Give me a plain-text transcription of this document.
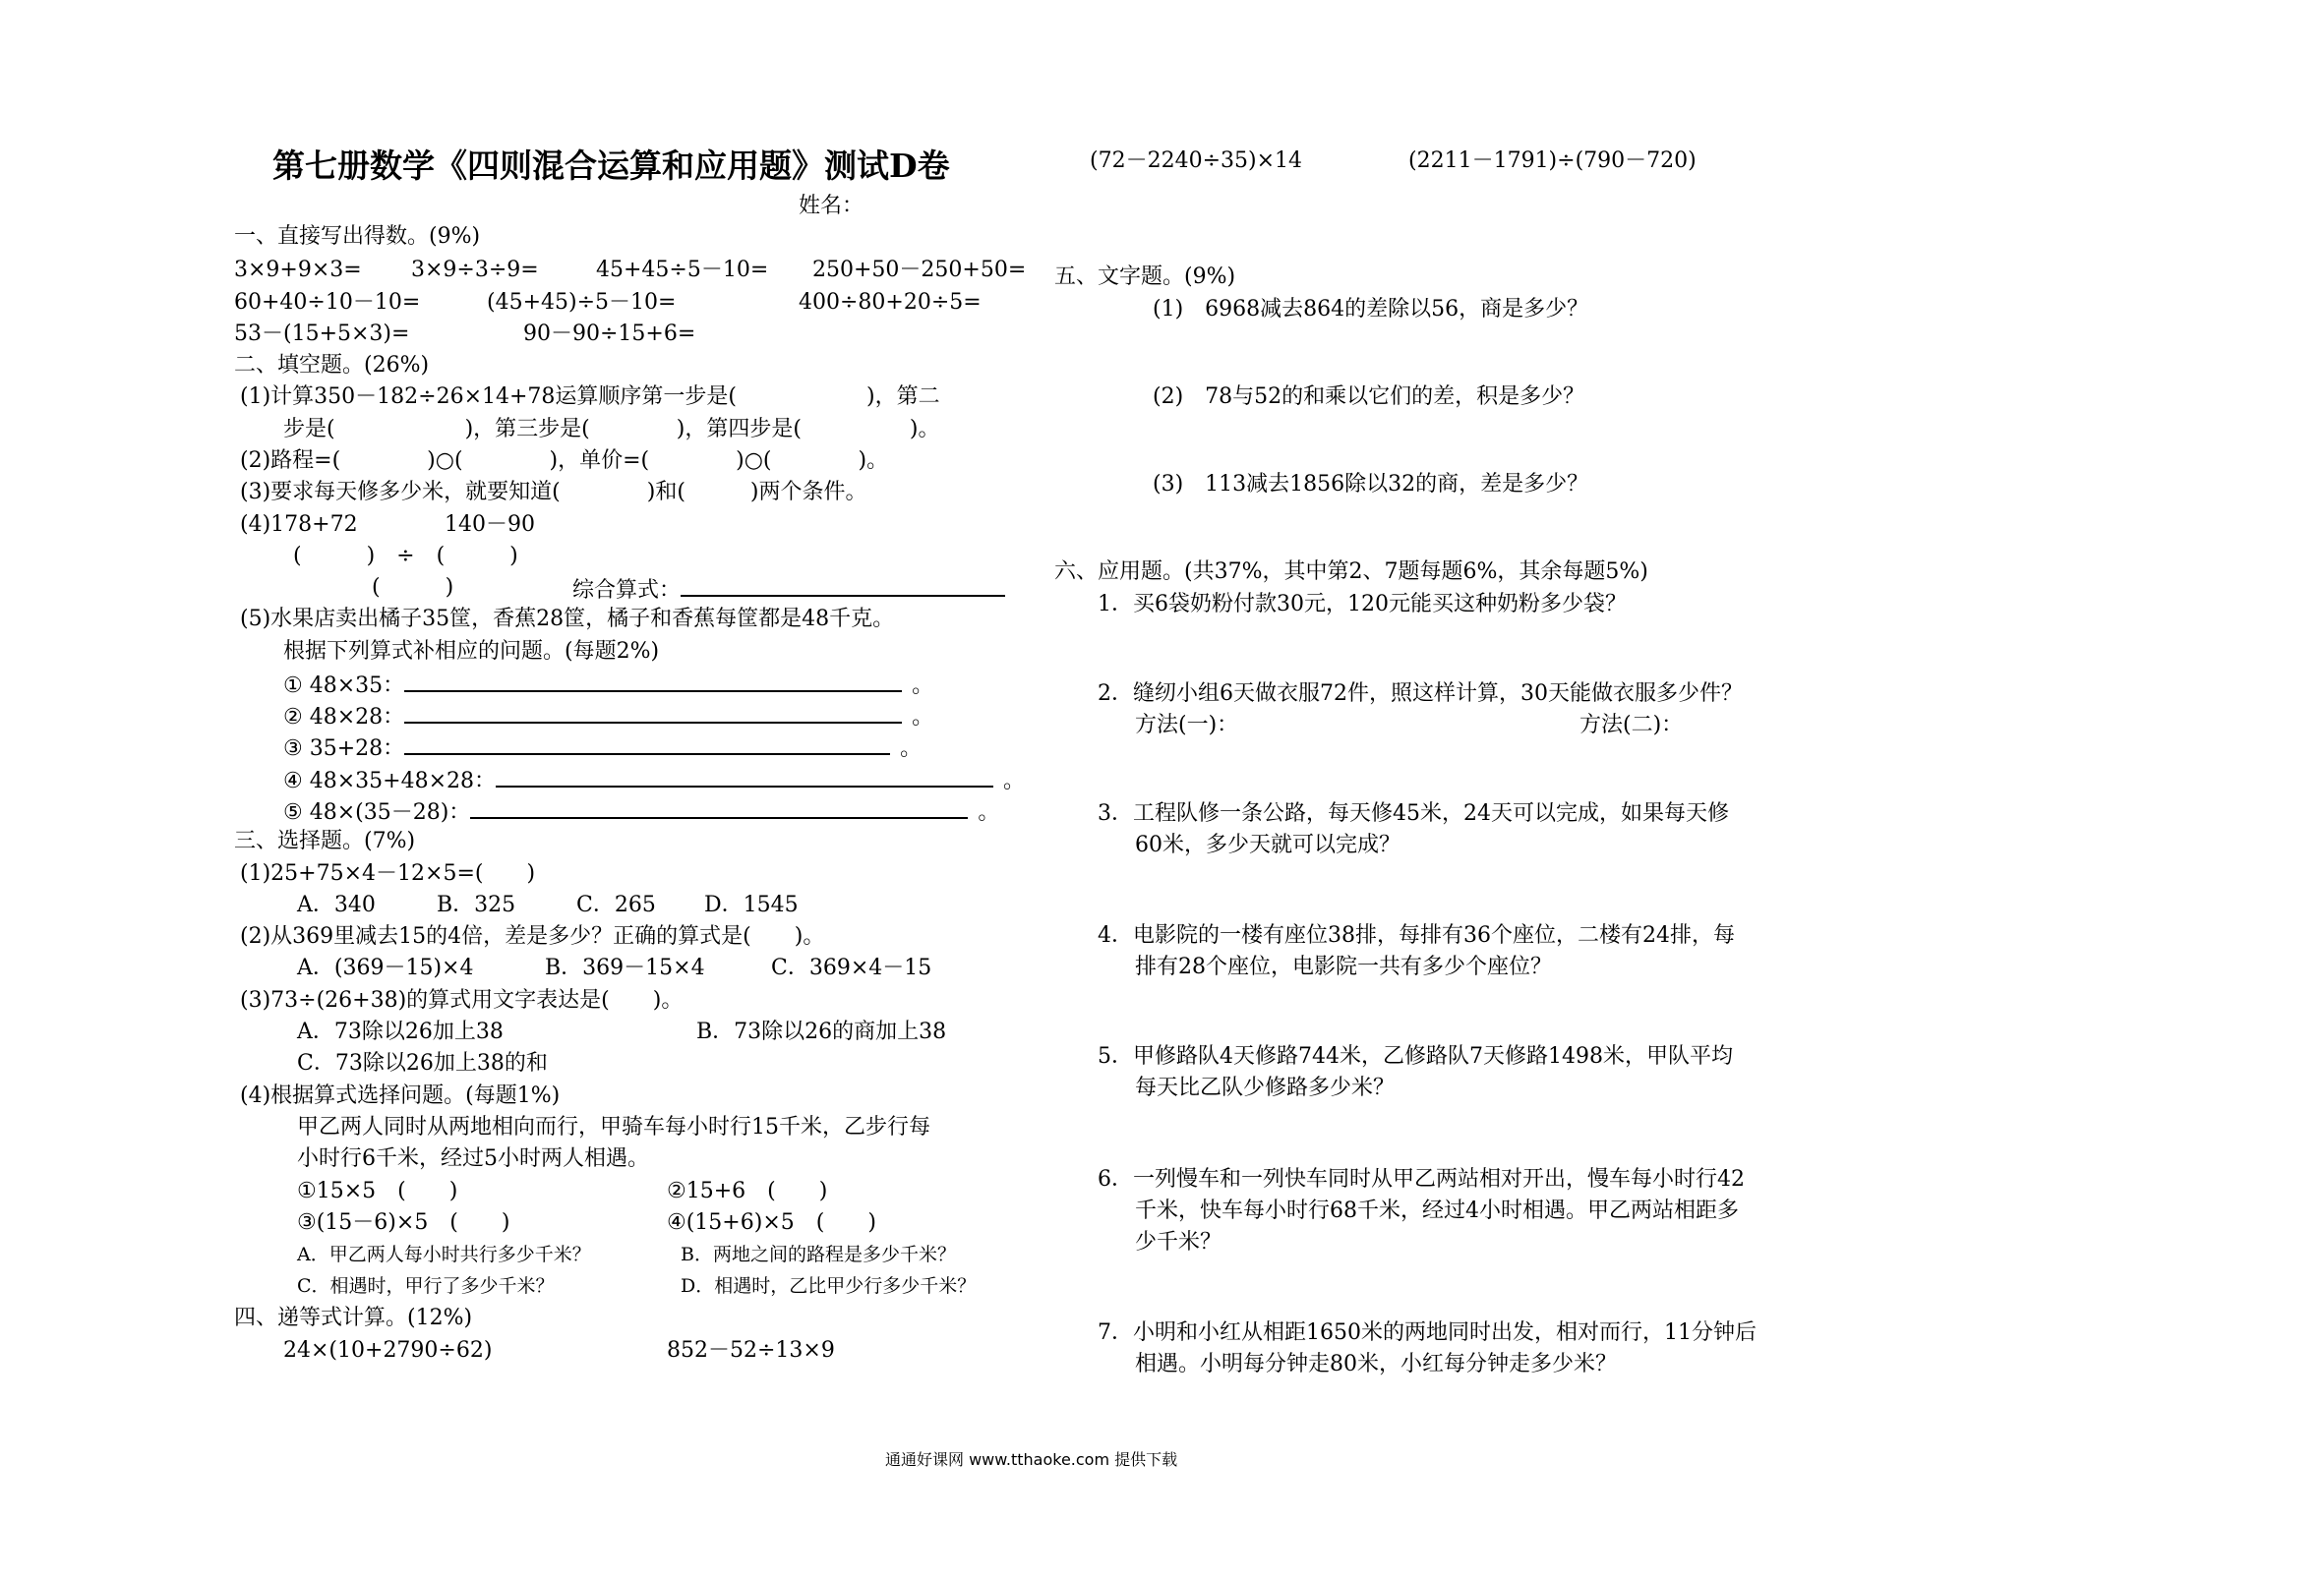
第七册数学《四则混合运算和应用题》测试D卷
姓名：
一、直接写出得数。(9%)
3×9+9×3= 3×9÷3÷9=	45+45÷5－10= 250+50－250+50=
60+40÷10－10=	(45+45)÷5－10=	400÷80+20÷5=
53－(15+5×3)=	90－90÷15+6=
二、填空题。(26%)
(1)计算350－182÷26×14+78运算顺序第一步是(　　　　　　)，第二
步是(　　　　　　)，第三步是(　　　　)，第四步是(　　　　　)。
(2)路程=(　　　　)○(　　　　)，单价=(　　　　)○(　　　　)。
(3)要求每天修多少米，就要知道(　　　　)和(　　　)两个条件。
(4)178+72	140－90
(　　　)　÷　(　　　)
(　　　)	综合算式：
(5)水果店卖出橘子35筐，香蕉28筐，橘子和香蕉每筐都是48千克。
根据下列算式补相应的问题。(每题2%)
① 48×35：	。
② 48×28：	。
③ 35+28：	。
④ 48×35+48×28：	。
⑤ 48×(35－28)：	。
三、选择题。(7%)
(1)25+75×4－12×5=(　　)
A．340	B．325	C．265 D．1545
(2)从369里减去15的4倍，差是多少？正确的算式是(　　)。
A．(369－15)×4	B．369－15×4	C．369×4－15
(3)73÷(26+38)的算式用文字表达是(　　)。
A．73除以26加上38	B．73除以26的商加上38
C．73除以26加上38的和
(4)根据算式选择问题。(每题1%)
甲乙两人同时从两地相向而行，甲骑车每小时行15千米，乙步行每
小时行6千米，经过5小时两人相遇。
①15×5　(　　)	②15+6　(　　)
③(15－6)×5　(　　)	④(15+6)×5　(　　)
A．甲乙两人每小时共行多少千米？	B．两地之间的路程是多少千米？
C．相遇时，甲行了多少千米？	D．相遇时，乙比甲少行多少千米？
四、递等式计算。(12%)
24×(10+2790÷62)	852－52÷13×9
(72－2240÷35)×14	(2211－1791)÷(790－720)
五、文字题。(9%)
(1)　6968减去864的差除以56，商是多少？
(2)　78与52的和乘以它们的差，积是多少？
(3)　113减去1856除以32的商，差是多少？
六、应用题。(共37%，其中第2、7题每题6%，其余每题5%)
1．买6袋奶粉付款30元，120元能买这种奶粉多少袋？
2．缝纫小组6天做衣服72件，照这样计算，30天能做衣服多少件？
方法(一)：	方法(二)：
3．工程队修一条公路，每天修45米，24天可以完成，如果每天修
60米，多少天就可以完成？
4．电影院的一楼有座位38排，每排有36个座位，二楼有24排，每
排有28个座位，电影院一共有多少个座位？
5．甲修路队4天修路744米，乙修路队7天修路1498米，甲队平均
每天比乙队少修路多少米？
6．一列慢车和一列快车同时从甲乙两站相对开出，慢车每小时行42
千米，快车每小时行68千米，经过4小时相遇。甲乙两站相距多
少千米？
7．小明和小红从相距1650米的两地同时出发，相对而行，11分钟后
相遇。小明每分钟走80米，小红每分钟走多少米？
通通好课网 www.tthaoke.com 提供下载
